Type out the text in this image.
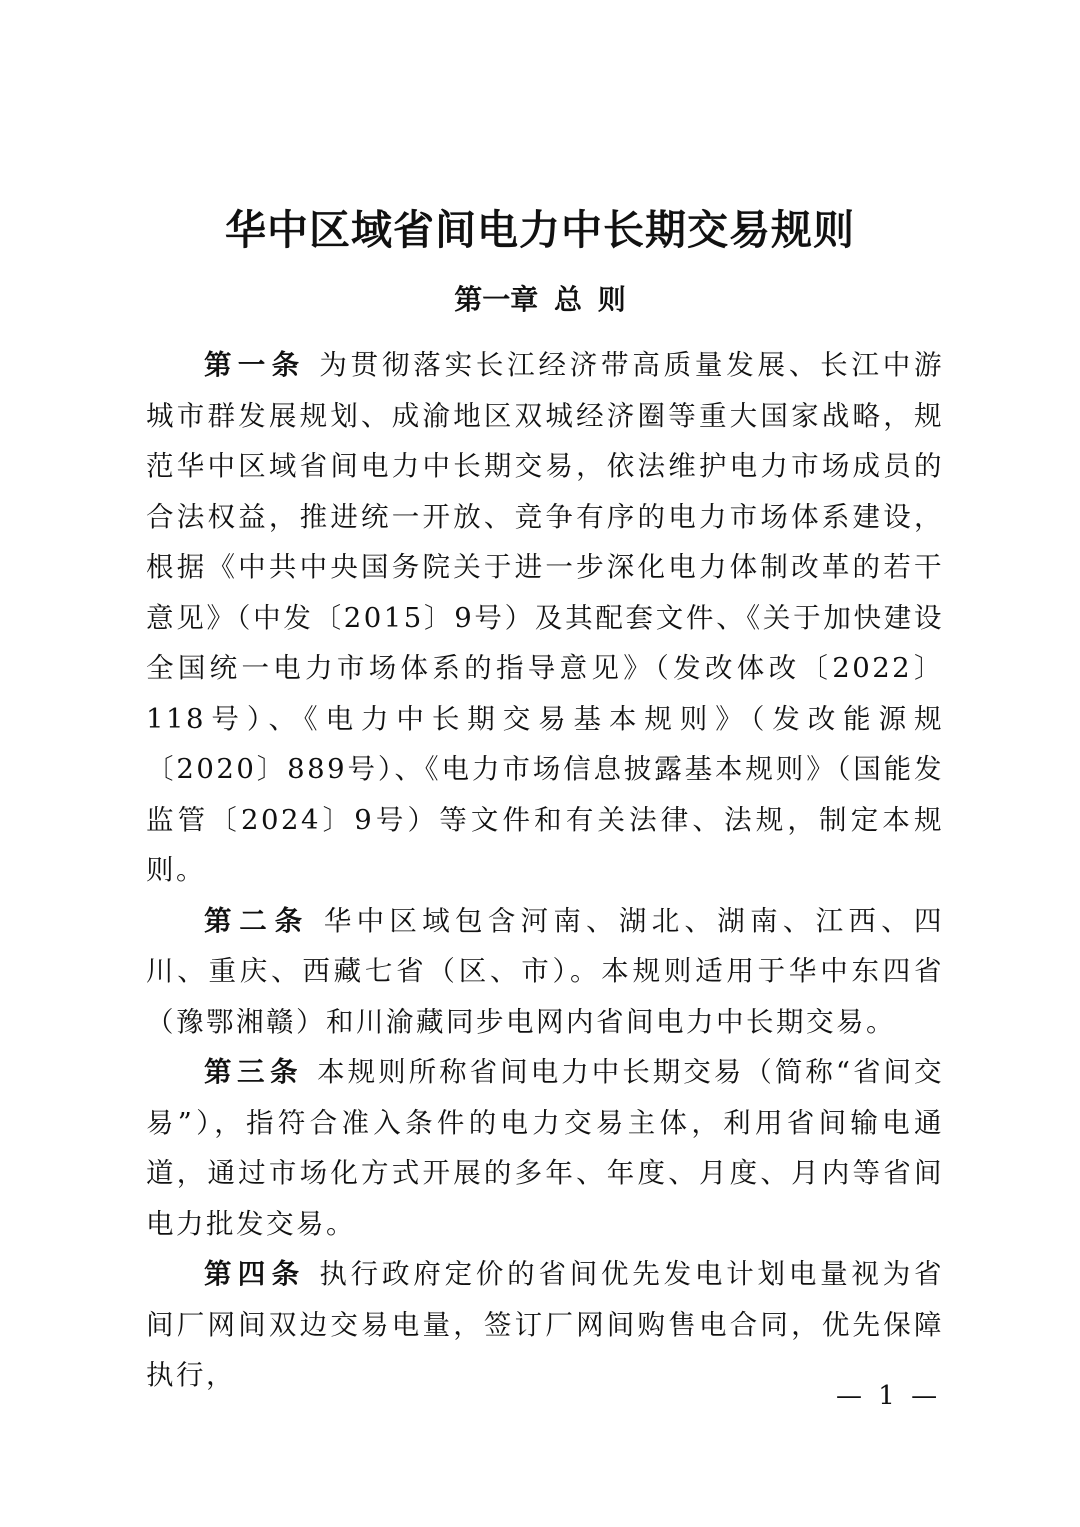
华中区域省间电力中长期交易规则
第一章 总 则

第一条 为贯彻落实长江经济带高质量发展、长江中游城市群发展规划、成渝地区双城经济圈等重大国家战略，规范华中区域省间电力中长期交易，依法维护电力市场成员的合法权益，推进统一开放、竞争有序的电力市场体系建设，根据《中共中央国务院关于进一步深化电力体制改革的若干意见》（中发〔2015〕9号）及其配套文件、《关于加快建设全国统一电力市场体系的指导意见》（发改体改〔2022〕118号）、《电力中长期交易基本规则》（发改能源规〔2020〕889号）、《电力市场信息披露基本规则》（国能发监管〔2024〕9号）等文件和有关法律、法规，制定本规则。

第二条 华中区域包含河南、湖北、湖南、江西、四川、重庆、西藏七省（区、市）。本规则适用于华中东四省（豫鄂湘赣）和川渝藏同步电网内省间电力中长期交易。

第三条 本规则所称省间电力中长期交易（简称“省间交易”），指符合准入条件的电力交易主体，利用省间输电通道，通过市场化方式开展的多年、年度、月度、月内等省间电力批发交易。

第四条 执行政府定价的省间优先发电计划电量视为省间厂网间双边交易电量，签订厂网间购售电合同，优先保障执行，

— 1 —
